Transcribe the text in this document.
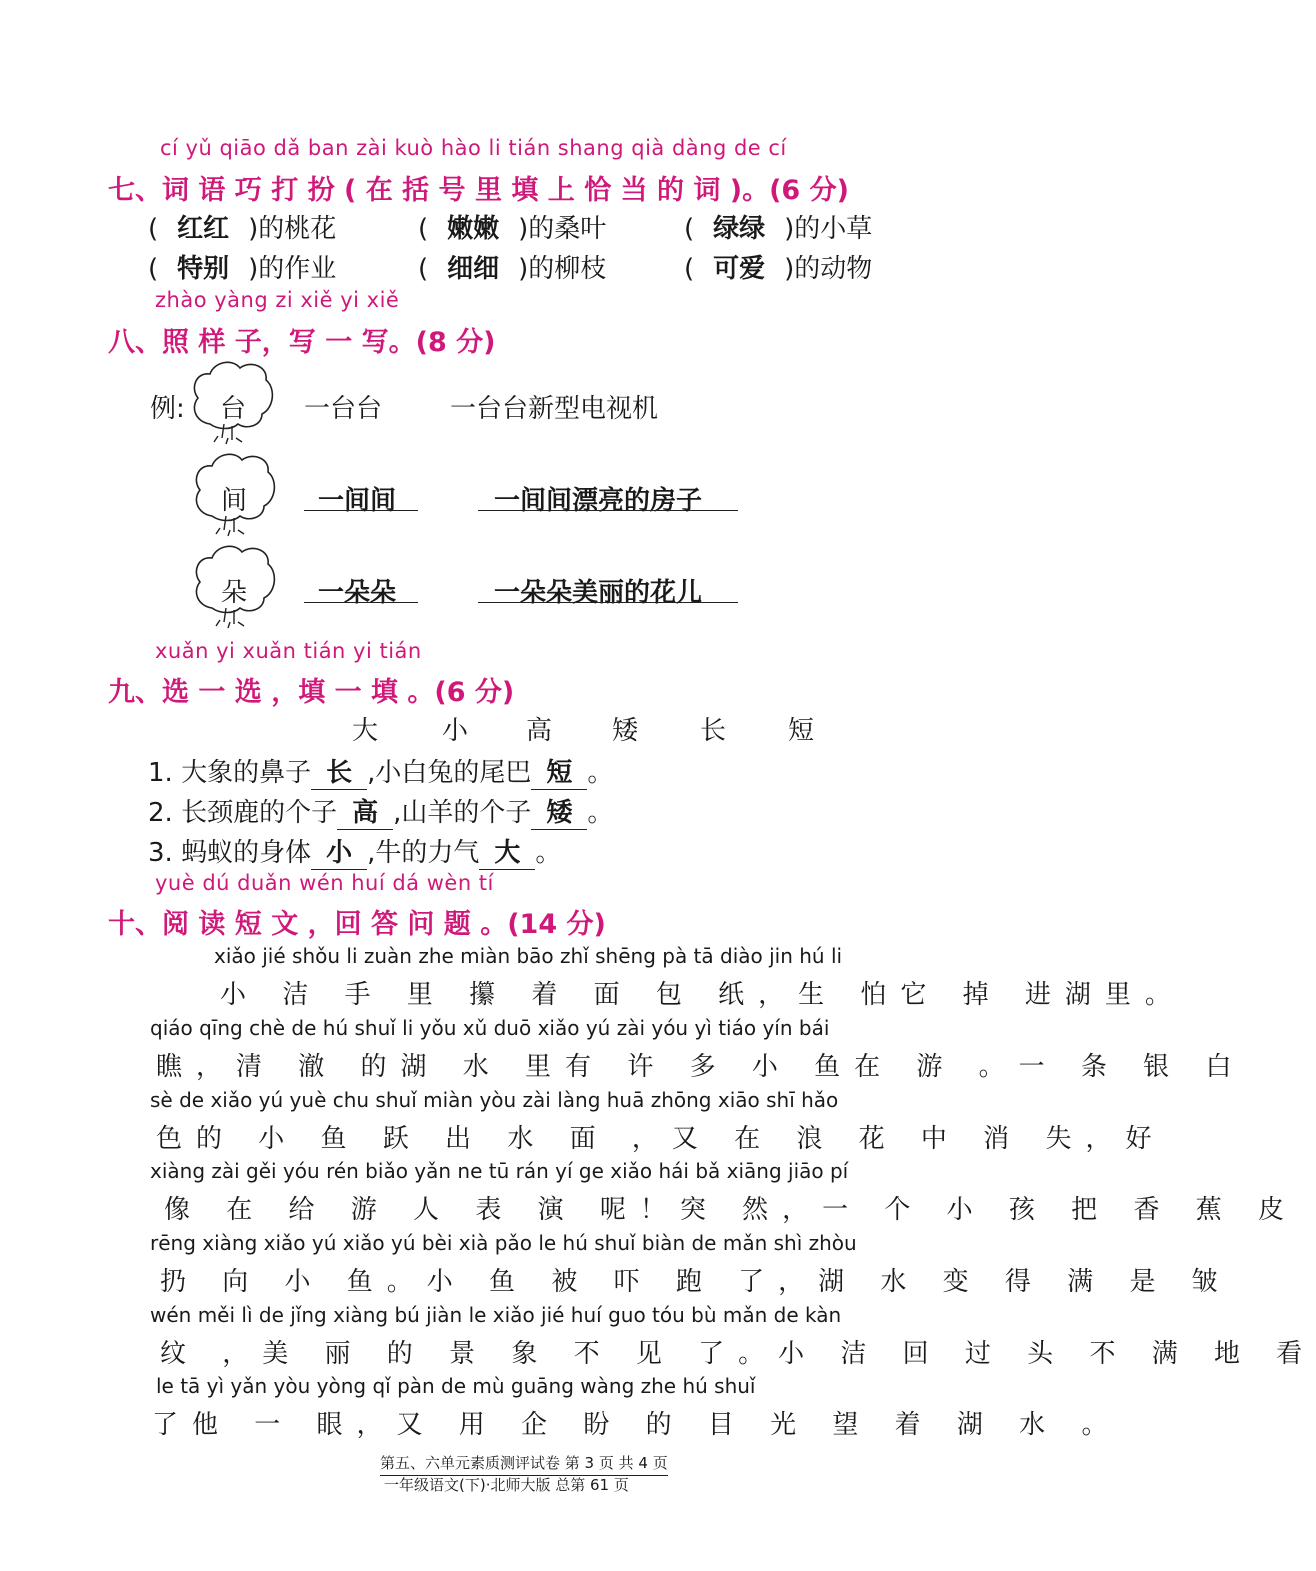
cí yǔ qiāo dǎ ban zài kuò hào li tián shang qià dàng de cí
七、词 语 巧 打 扮 ( 在 括 号 里 填 上 恰 当 的 词 )。(6 分)
( 红红 )的桃花	( 嫩嫩 )的桑叶	( 绿绿 )的小草
( 特别 )的作业	( 细细 )的柳枝	( 可爱 )的动物
zhào yàng zi xiě yi xiě
八、照 样 子，写 一 写。(8 分)
例: 台 一台台	一台台新型电视机
间	一间间	一间间漂亮的房子
朵	一朵朵	一朵朵美丽的花儿
xuǎn yi xuǎn tián yi tián
九、选 一 选 ，填 一 填 。(6 分)
大 小 高 矮 长 短
1. 大象的鼻子 长 ,小白兔的尾巴 短 。
2. 长颈鹿的个子 高 ,山羊的个子 矮 。
3. 蚂蚁的身体 小 ,牛的力气 大 。
yuè dú duǎn wén huí dá wèn tí
十、阅 读 短 文 ，回 答 问 题 。(14 分)
xiǎo jié shǒu li zuàn zhe miàn bāo zhǐ shēng pà tā diào jin hú li
小 洁 手 里 攥 着 面 包 纸，生 怕它 掉 进湖里。
qiáo qīng chè de hú shuǐ li yǒu xǔ duō xiǎo yú zài yóu yì tiáo yín bái
瞧，清 澈 的湖 水 里有 许 多 小 鱼在 游 。一 条 银 白
sè de xiǎo yú yuè chu shuǐ miàn yòu zài làng huā zhōng xiāo shī hǎo
色的 小 鱼 跃 出 水 面 ，又 在 浪 花 中 消 失，好
xiàng zài gěi yóu rén biǎo yǎn ne tū rán yí ge xiǎo hái bǎ xiāng jiāo pí
像 在 给 游 人 表 演 呢！突 然，一 个 小 孩 把 香 蕉 皮
rēng xiàng xiǎo yú xiǎo yú bèi xià pǎo le hú shuǐ biàn de mǎn shì zhòu
扔 向 小 鱼。小 鱼 被 吓 跑 了，湖 水 变 得 满 是 皱
wén měi lì de jǐng xiàng bú jiàn le xiǎo jié huí guo tóu bù mǎn de kàn
纹 ，美 丽 的 景 象 不 见 了。小 洁 回 过 头 不 满 地 看
le tā yì yǎn yòu yòng qǐ pàn de mù guāng wàng zhe hú shuǐ
了他 一 眼，又 用 企 盼 的 目 光 望 着 湖 水 。
第五、六单元素质测评试卷 第 3 页 共 4 页
一年级语文(下)·北师大版 总第 61 页
